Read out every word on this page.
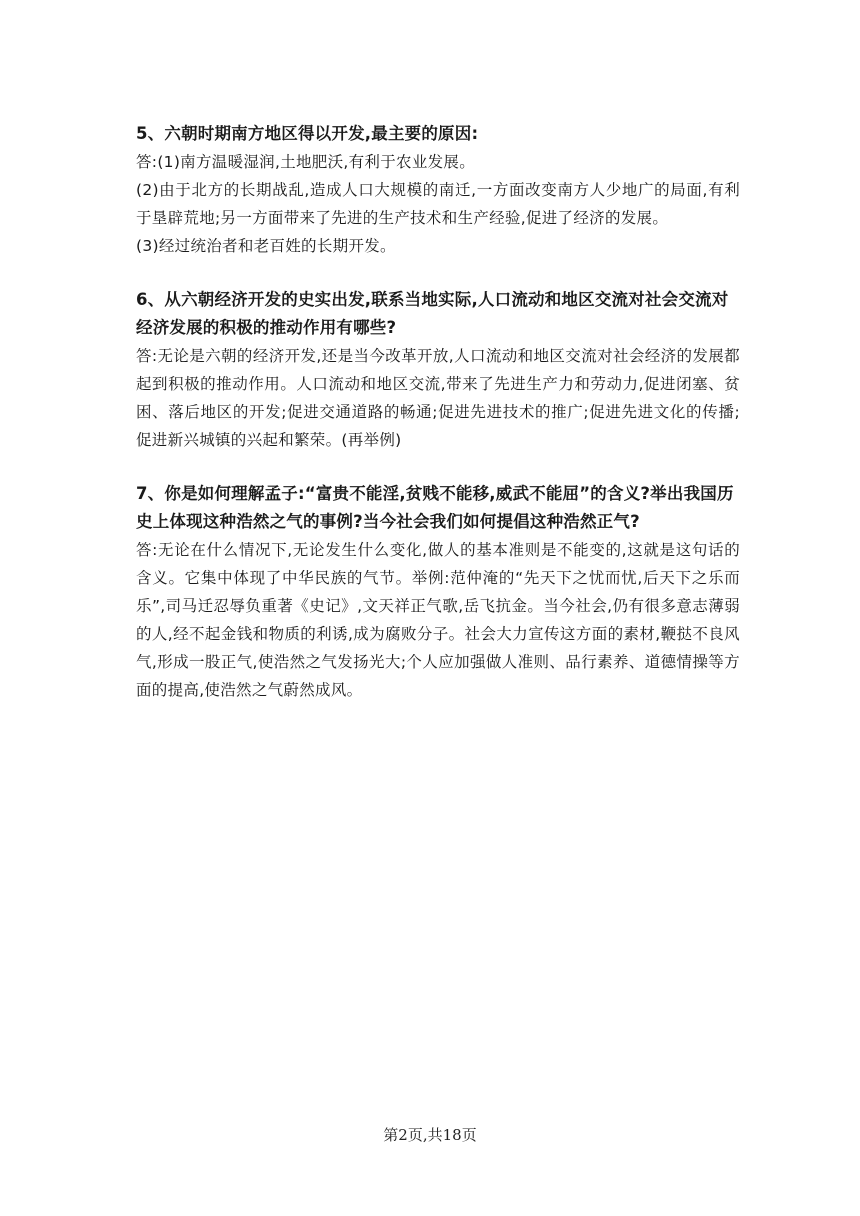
5、六朝时期南方地区得以开发,最主要的原因:

答:(1)南方温暖湿润,土地肥沃,有利于农业发展。

(2)由于北方的长期战乱,造成人口大规模的南迁,一方面改变南方人少地广的局面,有利于垦辟荒地;另一方面带来了先进的生产技术和生产经验,促进了经济的发展。

(3)经过统治者和老百姓的长期开发。

6、从六朝经济开发的史实出发,联系当地实际,人口流动和地区交流对社会交流对经济发展的积极的推动作用有哪些?

答:无论是六朝的经济开发,还是当今改革开放,人口流动和地区交流对社会经济的发展都起到积极的推动作用。人口流动和地区交流,带来了先进生产力和劳动力,促进闭塞、贫困、落后地区的开发;促进交通道路的畅通;促进先进技术的推广;促进先进文化的传播;促进新兴城镇的兴起和繁荣。(再举例)

7、你是如何理解孟子:“富贵不能淫,贫贱不能移,威武不能屈”的含义?举出我国历史上体现这种浩然之气的事例?当今社会我们如何提倡这种浩然正气?

答:无论在什么情况下,无论发生什么变化,做人的基本准则是不能变的,这就是这句话的含义。它集中体现了中华民族的气节。举例:范仲淹的“先天下之忧而忧,后天下之乐而乐”,司马迁忍辱负重著《史记》,文天祥正气歌,岳飞抗金。当今社会,仍有很多意志薄弱的人,经不起金钱和物质的利诱,成为腐败分子。社会大力宣传这方面的素材,鞭挞不良风气,形成一股正气,使浩然之气发扬光大;个人应加强做人准则、品行素养、道德情操等方面的提高,使浩然之气蔚然成风。

第2页,共18页
